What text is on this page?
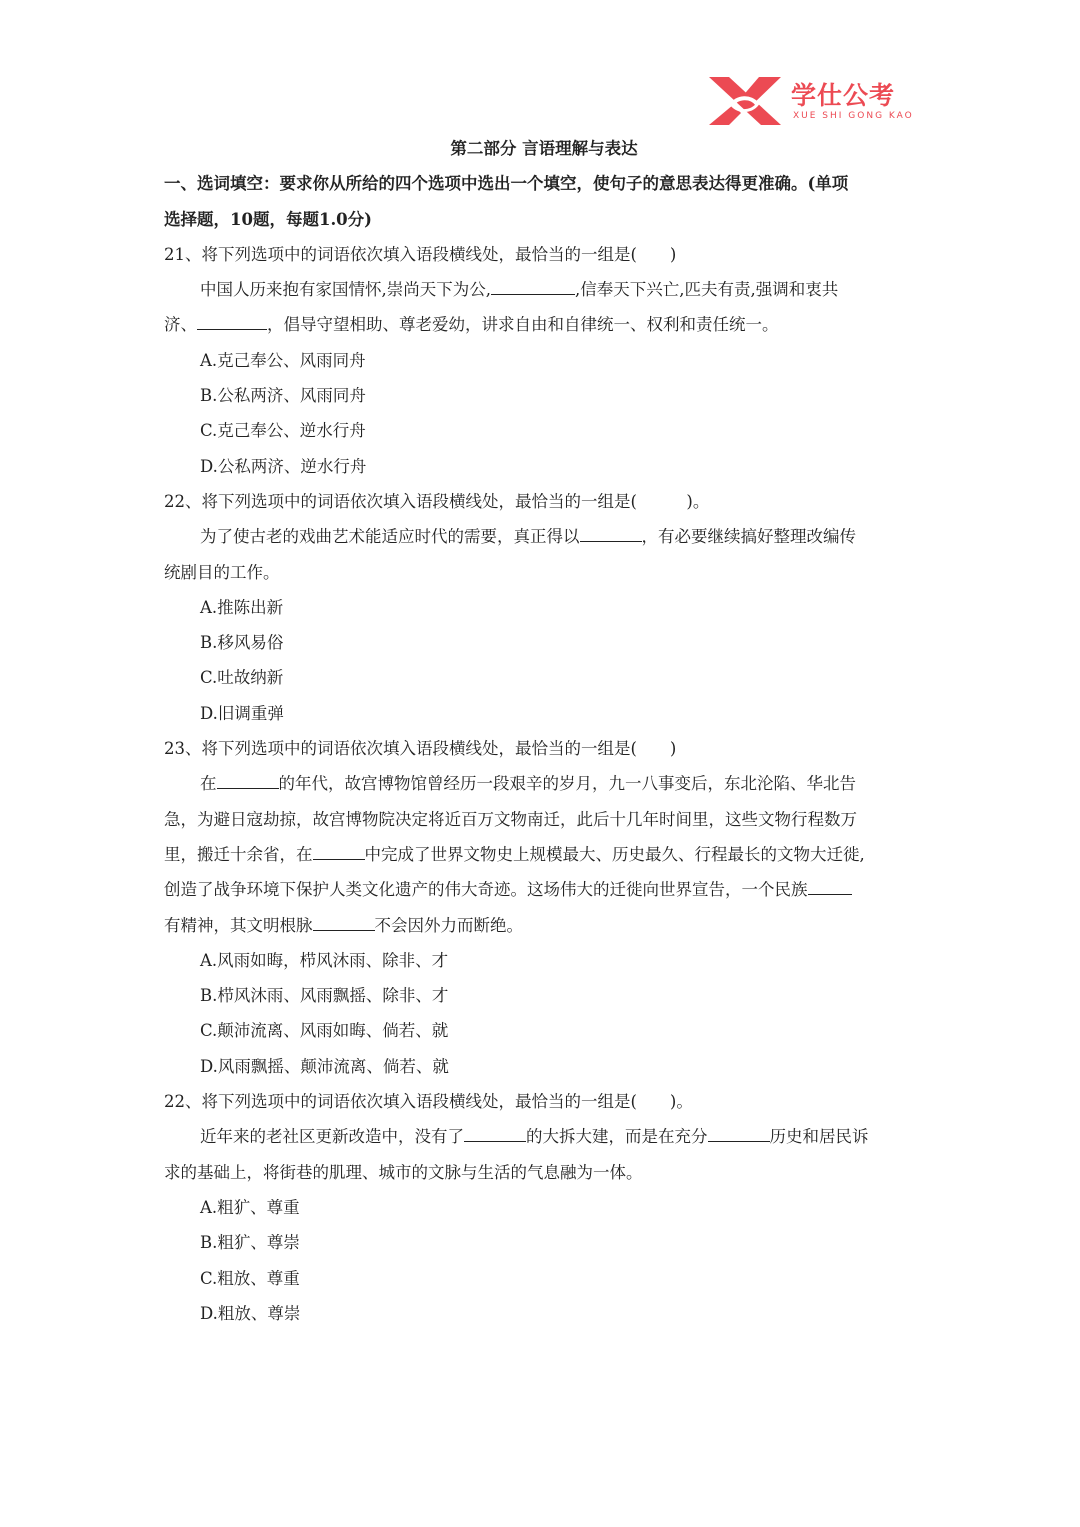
学仕公考
XUE SHI GONG KAO

第二部分 言语理解与表达

一、选词填空：要求你从所给的四个选项中选出一个填空，使句子的意思表达得更准确。(单项

选择题，10题，每题1.0分)

21、将下列选项中的词语依次填入语段横线处，最恰当的一组是(　　)

中国人历来抱有家国情怀,崇尚天下为公,	,信奉天下兴亡,匹夫有责,强调和衷共

济、	，倡导守望相助、尊老爱幼，讲求自由和自律统一、权利和责任统一。

A.克己奉公、风雨同舟

B.公私两济、风雨同舟

C.克己奉公、逆水行舟

D.公私两济、逆水行舟

22、将下列选项中的词语依次填入语段横线处，最恰当的一组是(　　　)。

为了使古老的戏曲艺术能适应时代的需要，真正得以	，有必要继续搞好整理改编传

统剧目的工作。

A.推陈出新

B.移风易俗

C.吐故纳新

D.旧调重弹

23、将下列选项中的词语依次填入语段横线处，最恰当的一组是(　　)

在	的年代，故宫博物馆曾经历一段艰辛的岁月，九一八事变后，东北沦陷、华北告

急，为避日寇劫掠，故宫博物院决定将近百万文物南迁，此后十几年时间里，这些文物行程数万

里，搬迁十余省，在	中完成了世界文物史上规模最大、历史最久、行程最长的文物大迁徙,

创造了战争环境下保护人类文化遗产的伟大奇迹。这场伟大的迁徙向世界宣告，一个民族

有精神，其文明根脉	不会因外力而断绝。

A.风雨如晦，栉风沐雨、除非、才

B.栉风沐雨、风雨飘摇、除非、才

C.颠沛流离、风雨如晦、倘若、就

D.风雨飘摇、颠沛流离、倘若、就

22、将下列选项中的词语依次填入语段横线处，最恰当的一组是(　　)。

近年来的老社区更新改造中，没有了	的大拆大建，而是在充分	历史和居民诉

求的基础上，将街巷的肌理、城市的文脉与生活的气息融为一体。

A.粗犷、尊重

B.粗犷、尊崇

C.粗放、尊重

D.粗放、尊崇
